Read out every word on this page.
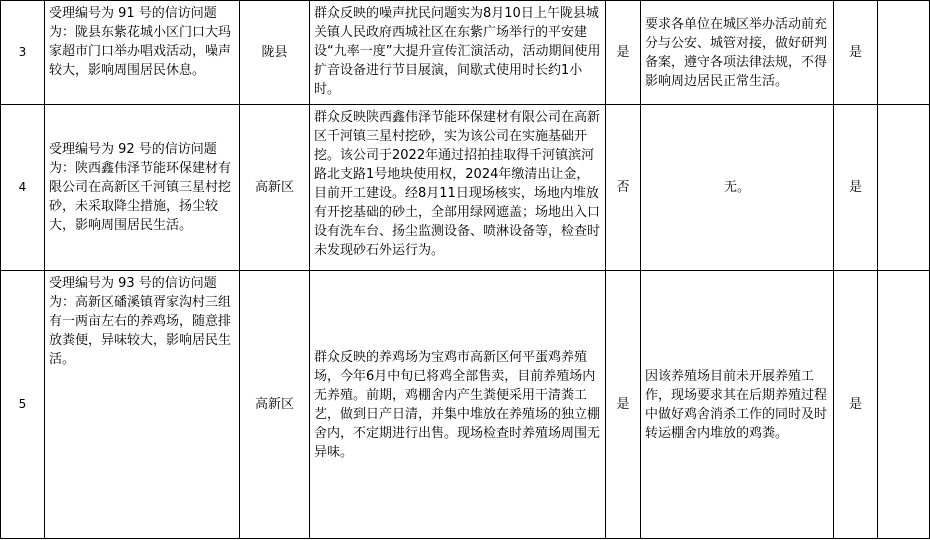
3	受理编号为 91 号的信访问题为：陇县东紫花城小区门口大玛家超市门口举办唱戏活动，噪声较大，影响周围居民休息。	陇县	群众反映的噪声扰民问题实为8月10日上午陇县城关镇人民政府西城社区在东紫广场举行的平安建设“九率一度”大提升宣传汇演活动，活动期间使用扩音设备进行节目展演，间歇式使用时长约1小时。	是	要求各单位在城区举办活动前充分与公安、城管对接，做好研判备案，遵守各项法律法规，不得影响周边居民正常生活。	是	
4	受理编号为 92 号的信访问题为：陕西鑫伟泽节能环保建材有限公司在高新区千河镇三星村挖砂，未采取降尘措施，扬尘较大，影响周围居民生活。	高新区	群众反映陕西鑫伟泽节能环保建材有限公司在高新区千河镇三星村挖砂，实为该公司在实施基础开挖。该公司于2022年通过招拍挂取得千河镇滨河路北支路1号地块使用权，2024年缴清出让金，目前开工建设。经8月11日现场核实，场地内堆放有开挖基础的砂土，全部用绿网遮盖；场地出入口设有洗车台、扬尘监测设备、喷淋设备等，检查时未发现砂石外运行为。	否	无。	是	
5	受理编号为 93 号的信访问题为：高新区磻溪镇胥家沟村三组有一两亩左右的养鸡场，随意排放粪便，异味较大，影响居民生活。	高新区	群众反映的养鸡场为宝鸡市高新区何平蛋鸡养殖场，今年6月中旬已将鸡全部售卖，目前养殖场内无养殖。前期，鸡棚舍内产生粪便采用干清粪工艺，做到日产日清，并集中堆放在养殖场的独立棚舍内，不定期进行出售。现场检查时养殖场周围无异味。	是	因该养殖场目前未开展养殖工作，现场要求其在后期养殖过程中做好鸡舍消杀工作的同时及时转运棚舍内堆放的鸡粪。	是	
